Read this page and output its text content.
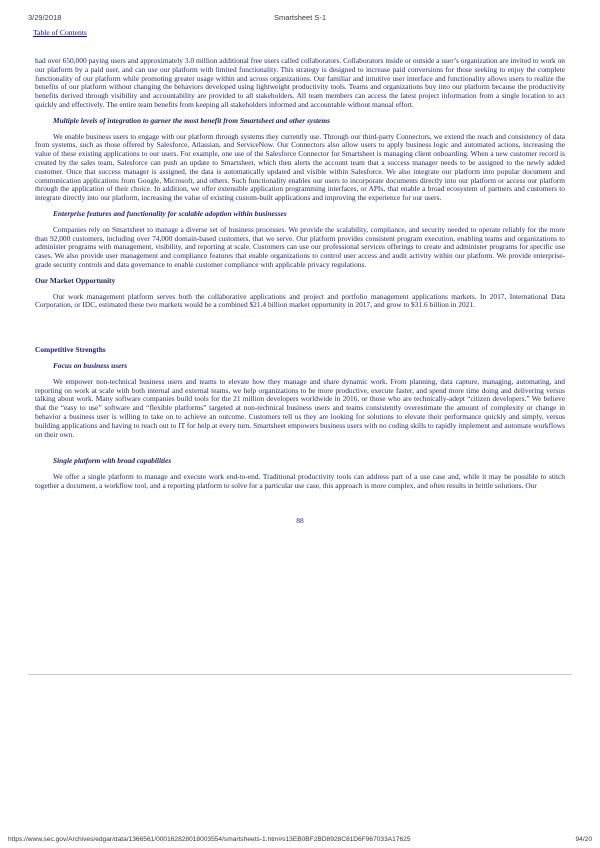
3/29/2018	Smartsheet S-1
Table of Contents

had over 650,000 paying users and approximately 3.0 million additional free users called collaborators. Collaborators inside or outside a user’s organization are invited to work on our platform by a paid user, and can use our platform with limited functionality. This strategy is designed to increase paid conversions for those seeking to enjoy the complete functionality of our platform while promoting greater usage within and across organizations. Our familiar and intuitive user interface and functionality allows users to realize the benefits of our platform without changing the behaviors developed using lightweight productivity tools. Teams and organizations buy into our platform because the productivity benefits derived through visibility and accountability are provided to all stakeholders. All team members can access the latest project information from a single location to act quickly and effectively. The entire team benefits from keeping all stakeholders informed and accountable without manual effort.

Multiple levels of integration to garner the most benefit from Smartsheet and other systems

We enable business users to engage with our platform through systems they currently use. Through our third-party Connectors, we extend the reach and consistency of data from systems, such as those offered by Salesforce, Atlassian, and ServiceNow. Our Connectors also allow users to apply business logic and automated actions, increasing the value of these existing applications to our users. For example, one use of the Salesforce Connector for Smartsheet is managing client onboarding. When a new customer record is created by the sales team, Salesforce can push an update to Smartsheet, which then alerts the account team that a success manager needs to be assigned to the newly added customer. Once that success manager is assigned, the data is automatically updated and visible within Salesforce. We also integrate our platform into popular document and communication applications from Google, Microsoft, and others. Such functionality enables our users to incorporate documents directly into our platform or access our platform through the application of their choice. In addition, we offer extensible application programming interfaces, or APIs, that enable a broad ecosystem of partners and customers to integrate directly into our platform, increasing the value of existing custom-built applications and improving the experience for our users.

Enterprise features and functionality for scalable adoption within businesses

Companies rely on Smartsheet to manage a diverse set of business processes. We provide the scalability, compliance, and security needed to operate reliably for the more than 92,000 customers, including over 74,000 domain-based customers, that we serve. Our platform provides consistent program execution, enabling teams and organizations to administer programs with management, visibility, and reporting at scale. Customers can use our professional services offerings to create and administer programs for specific use cases. We also provide user management and compliance features that enable organizations to control user access and audit activity within our platform. We provide enterprise-grade security controls and data governance to enable customer compliance with applicable privacy regulations.

Our Market Opportunity

Our work management platform serves both the collaborative applications and project and portfolio management applications markets. In 2017, International Data Corporation, or IDC, estimated these two markets would be a combined $21.4 billion market opportunity in 2017, and grow to $31.6 billion in 2021.

Competitive Strengths
Focus on business users

We empower non-technical business users and teams to elevate how they manage and share dynamic work. From planning, data capture, managing, automating, and reporting on work at scale with both internal and external teams, we help organizations to be more productive, execute faster, and spend more time doing and delivering versus talking about work. Many software companies build tools for the 21 million developers worldwide in 2016, or those who are technically-adept “citizen developers.” We believe that the “easy to use” software and “flexible platforms” targeted at non-technical business users and teams consistently overestimate the amount of complexity or change in behavior a business user is willing to take on to achieve an outcome. Customers tell us they are looking for solutions to elevate their performance quickly and simply, versus building applications and having to reach out to IT for help at every turn. Smartsheet empowers business users with no coding skills to rapidly implement and automate workflows on their own.

Single platform with broad capabilities

We offer a single platform to manage and execute work end-to-end. Traditional productivity tools can address part of a use case and, while it may be possible to stitch together a document, a workflow tool, and a reporting platform to solve for a particular use case, this approach is more complex, and often results in brittle solutions. Our

88
https://www.sec.gov/Archives/edgar/data/1366561/000162828018003554/smartsheets-1.htm#s13EB0BF2BD8928C81D6F967033A17625	94/20
